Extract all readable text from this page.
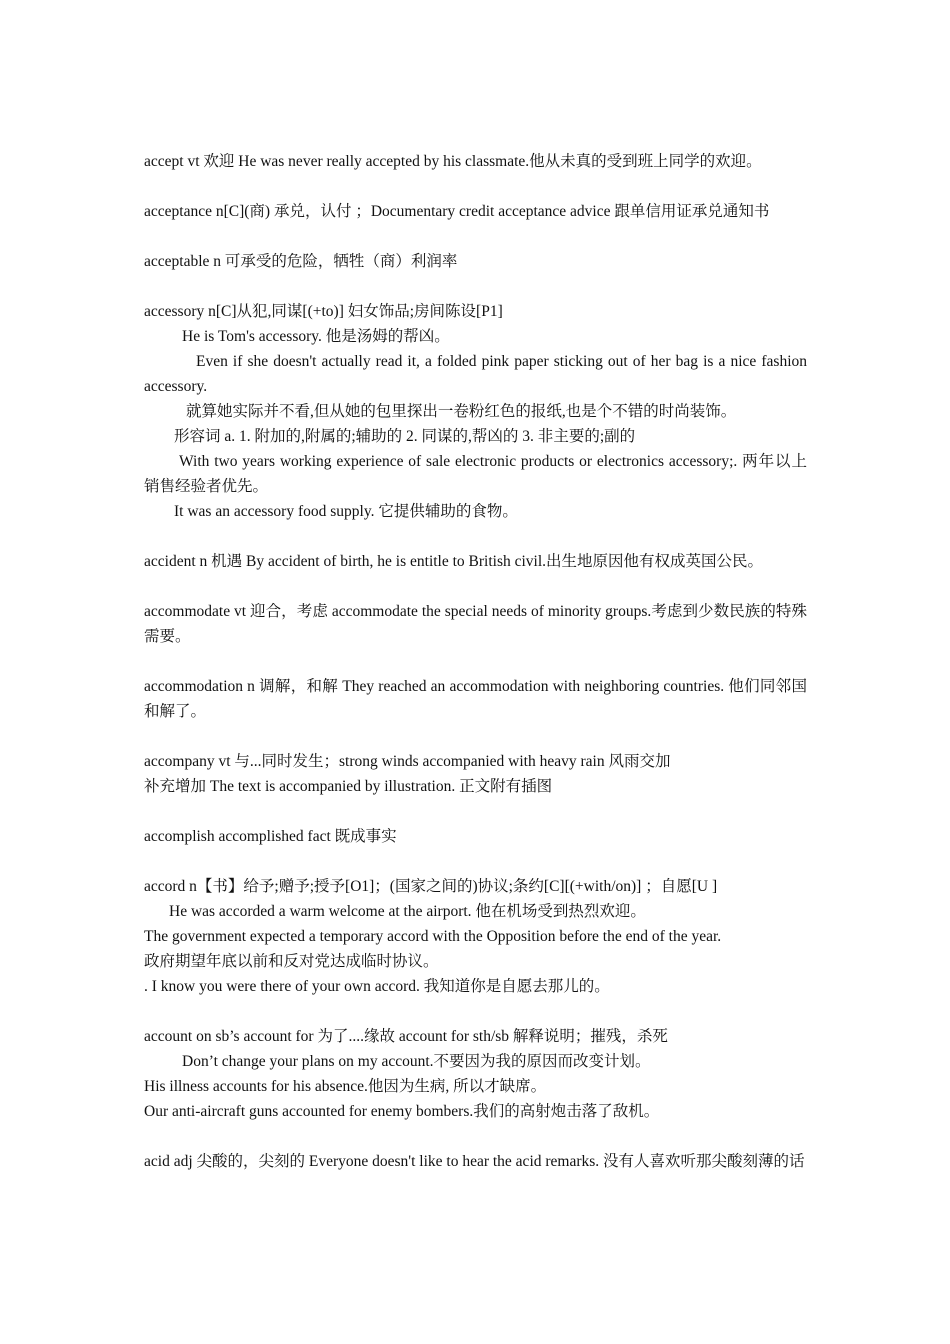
accept vt 欢迎 He was never really accepted by his classmate.他从未真的受到班上同学的欢迎。
acceptance n[C](商) 承兑，认付 ；Documentary credit acceptance advice 跟单信用证承兑通知书
acceptable n 可承受的危险，牺牲（商）利润率
accessory n[C]从犯,同谋[(+to)] 妇女饰品;房间陈设[P1]
He is Tom's accessory. 他是汤姆的帮凶。
Even if she doesn't actually read it, a folded pink paper sticking out of her bag is a nice fashion accessory.
就算她实际并不看,但从她的包里探出一卷粉红色的报纸,也是个不错的时尚装饰。
形容词 a. 1. 附加的,附属的;辅助的 2. 同谋的,帮凶的 3. 非主要的;副的
With two years working experience of sale electronic products or electronics accessory;. 两年以上销售经验者优先。
It was an accessory food supply. 它提供辅助的食物。
accident n 机遇 By accident of birth, he is entitle to British civil.出生地原因他有权成英国公民。
accommodate vt 迎合，考虑 accommodate the special needs of minority groups.考虑到少数民族的特殊需要。
accommodation n 调解，和解 They reached an accommodation with neighboring countries. 他们同邻国和解了。
accompany vt 与...同时发生；strong winds accompanied with heavy rain 风雨交加
补充增加 The text is accompanied by illustration. 正文附有插图
accomplish accomplished fact 既成事实
accord n【书】给予;赠予;授予[O1]；(国家之间的)协议;条约[C][(+with/on)] ；自愿[U ]
He was accorded a warm welcome at the airport. 他在机场受到热烈欢迎。
The government expected a temporary accord with the Opposition before the end of the year.
政府期望年底以前和反对党达成临时协议。
. I know you were there of your own accord. 我知道你是自愿去那儿的。
account on sb’s account for 为了....缘故 account for sth/sb 解释说明；摧残，杀死
Don’t change your plans on my account.不要因为我的原因而改变计划。
His illness accounts for his absence.他因为生病, 所以才缺席。
Our anti-aircraft guns accounted for enemy bombers.我们的高射炮击落了敌机。
acid adj 尖酸的，尖刻的 Everyone doesn't like to hear the acid remarks. 没有人喜欢听那尖酸刻薄的话
